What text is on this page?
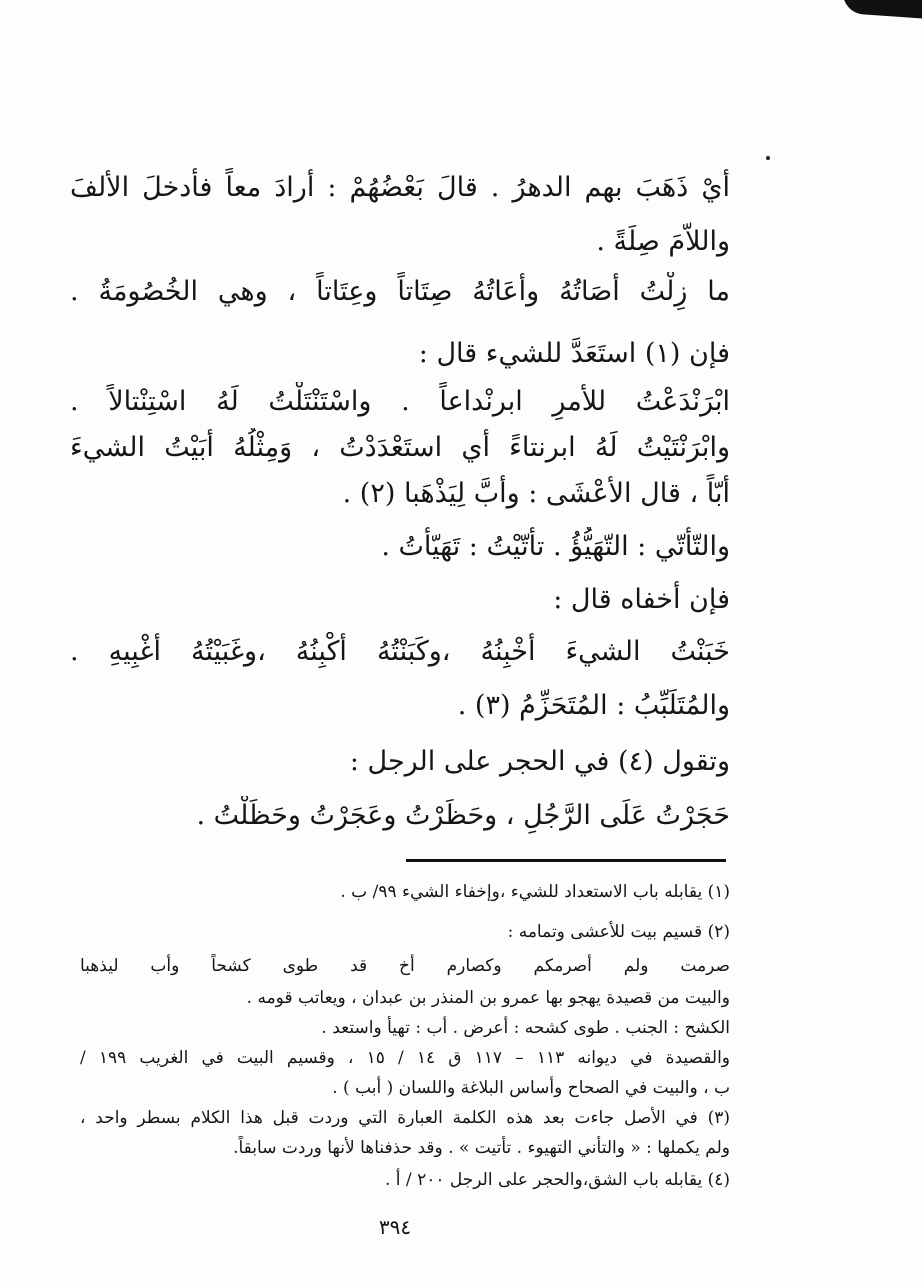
أيْ ذَهَبَ بهم الدهرُ . قالَ بَعْضُهُمْ : أرادَ معاً فأدخلَ الألفَ
واللاّمَ صِلَةً .
ما زِلْتُ أُصَاتُهُ وأُعَاتُهُ صِتَاتاً وعِتَاتاً ، وهي الخُصُومَةُ .
فإن (١) استَعَدَّ للشيء قال :
ابْرَنْدَعْتُ للأمرِ ابرنْداعاً . واسْتَنْتَلْتُ لَهُ اسْتِنْتالاً .
وابْرَنْتَيْتُ لَهُ ابرنتاءً أي استَعْدَدْتُ ، وَمِثْلُهُ أَبَيْتُ الشيءَ
أَبّاً ، قال الأعْشَى : وأَبَّ لِيَذْهَبا (٢) .
والتّأتّي : التّهَيُّؤُ . تأتّيْتُ : تَهَيّأْتُ .
فإن أخفاه قال :
خَبَنْتُ الشيءَ أخْبِنُهُ ،وكَبَنْتُهُ أكْبِنُهُ ،وغَبَيْتُهُ أَغْبِيهِ .
والمُتَلَبِّبُ : المُتَحَزِّمُ (٣) .
وتقول (٤) في الحجر على الرجل :
حَجَرْتُ عَلَى الرَّجُلِ ، وحَظَرْتُ وعَجَرْتُ وحَظَلْتُ .
(١) يقابله باب الاستعداد للشيء ،وإخفاء الشيء ٩٩/ ب .
(٢) قسيم بيت للأعشى وتمامه :
صرمت ولم أصرمكم وكصارم أخ قد طوى كشحاً وأب ليذهبا
والبيت من قصيدة يهجو بها عمرو بن المنذر بن عبدان ، ويعاتب قومه .
الكشح : الجنب . طوى كشحه : أعرض . أب : تهيأ واستعد .
والقصيدة في ديوانه ١١٣ – ١١٧ ق ١٤ / ١٥ ، وقسيم البيت في الغريب ١٩٩ /
ب ، والبيت في الصحاح وأساس البلاغة واللسان ( أبب ) .
(٣) في الأصل جاءت بعد هذه الكلمة العبارة التي وردت قبل هذا الكلام بسطر واحد ،
ولم يكملها : « والتأني التهيوء . تأتيت » . وقد حذفناها لأنها وردت سابقاً.
(٤) يقابله باب الشق،والحجر على الرجل ٢٠٠ / أ .
٣٩٤
